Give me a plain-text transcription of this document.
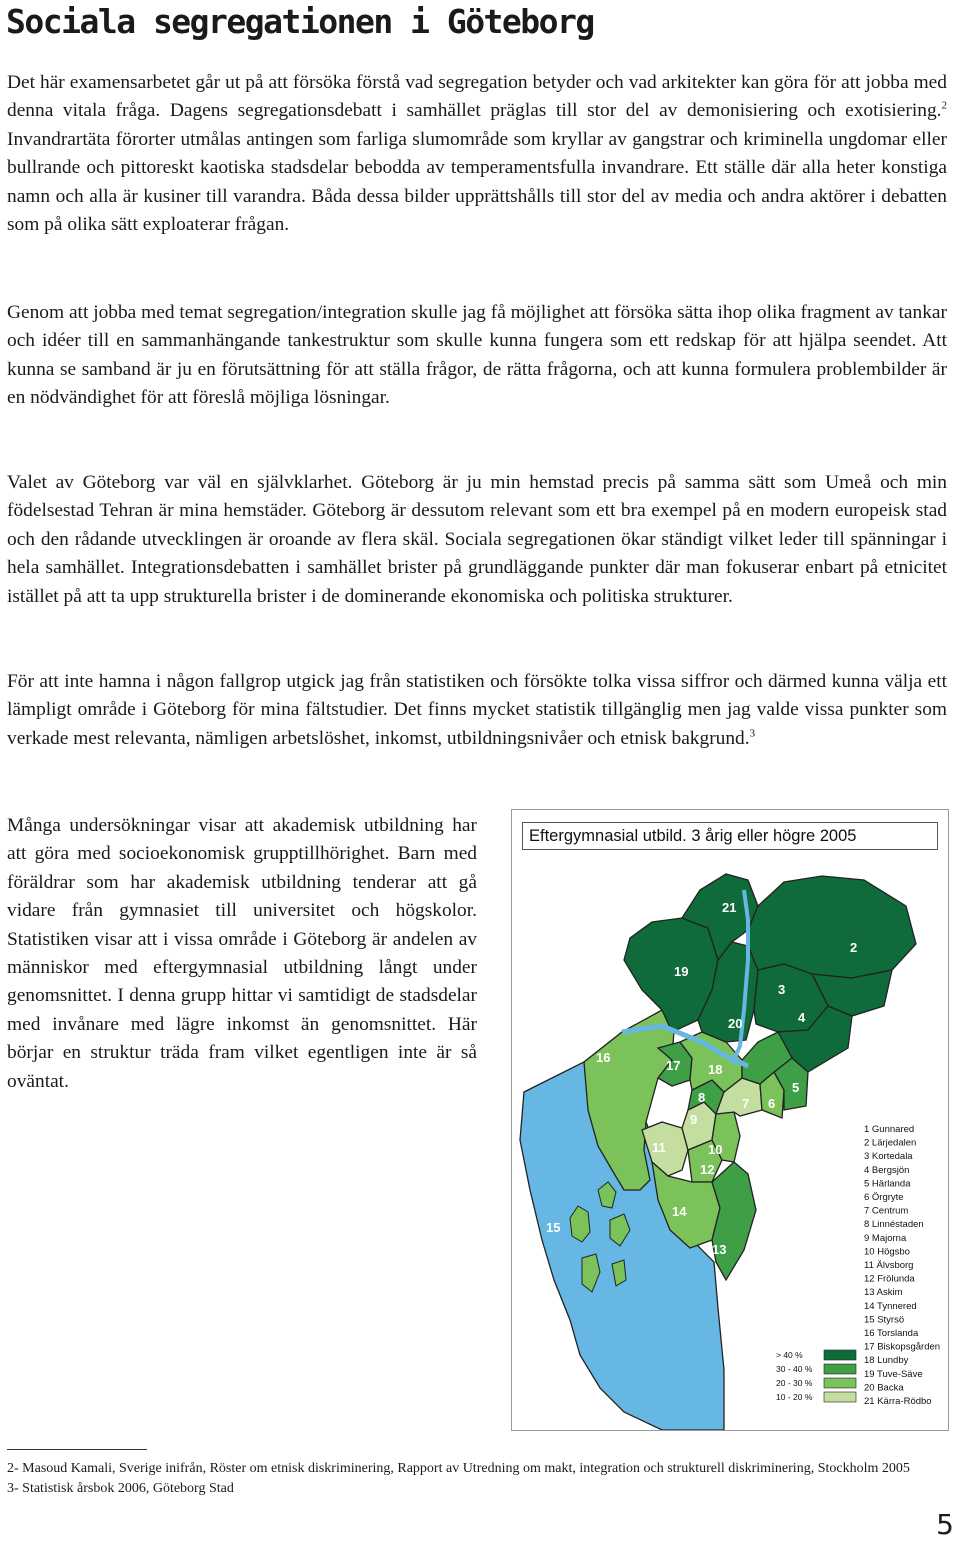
Sociala segregationen i Göteborg

Det här examensarbetet går ut på att försöka förstå vad segregation betyder och vad arkitekter kan göra för att jobba med denna vitala fråga. Dagens segregationsdebatt i samhället präglas till stor del av demonisiering och exotisiering.$^2$ Invandrartäta förorter utmålas antingen som farliga slumområde som kryllar av gangstrar och kriminella ungdomar eller bullrande och pittoreskt kaotiska stadsdelar bebodda av temperamentsfulla invandrare. Ett ställe där alla heter konstiga namn och alla är kusiner till varandra. Båda dessa bilder upprättshålls till stor del av media och andra aktörer i debatten som på olika sätt exploaterar frågan.

Genom att jobba med temat segregation/integration skulle jag få möjlighet att försöka sätta ihop olika fragment av tankar och idéer till en sammanhängande tankestruktur som skulle kunna fungera som ett redskap för att hjälpa seendet. Att kunna se samband är ju en förutsättning för att ställa frågor, de rätta frågorna, och att kunna formulera problembilder är en nödvändighet för att föreslå möjliga lösningar.

Valet av Göteborg var väl en självklarhet. Göteborg är ju min hemstad precis på samma sätt som Umeå och min födelsestad Tehran är mina hemstäder. Göteborg är dessutom relevant som ett bra exempel på en modern europeisk stad och den rådande utvecklingen är oroande av flera skäl. Sociala segregationen ökar ständigt vilket leder till spänningar i hela samhället. Integrationsdebatten i samhället brister på grundläggande punkter där man fokuserar enbart på etnicitet istället på att ta upp strukturella brister i de dominerande ekonomiska och politiska strukturer.

För att inte hamna i någon fallgrop utgick jag från statistiken och försökte tolka vissa siffror och därmed kunna välja ett lämpligt område i Göteborg för mina fältstudier. Det finns mycket statistik tillgänglig men jag valde vissa punkter som verkade mest relevanta, nämligen arbetslöshet, inkomst, utbildningsnivåer och etnisk bakgrund.$^3$

Många undersökningar visar att akademisk utbildning har att göra med socioekonomisk grupptillhörighet. Barn med föräldrar som har akademisk utbildning tenderar att gå vidare från gymnasiet till universitet och högskolor. Statistiken visar att i vissa område i Göteborg är andelen av människor med eftergymnasial utbildning långt under genomsnittet. I denna grupp hittar vi samtidigt de stadsdelar med invånare med lägre inkomst än genomsnittet. Här börjar en struktur träda fram vilket egentligen inte är så oväntat.

Eftergymnasial utbild. 3 årig eller högre 2005
21
2
19
3
20	4
17
5
6
13
16
18
7
8
9
10
11
12
14
15
1 Gunnared
2 Lärjedalen
3 Kortedala
4 Bergsjön
5 Härlanda
6 Örgryte
7 Centrum
8 Linnéstaden
9 Majorna
10 Högsbo
11 Älvsborg
12 Frölunda
13 Askim
14 Tynnered
15 Styrsö
16 Torslanda
17 Biskopsgården
18 Lundby
19 Tuve-Säve
20 Backa
21 Kärra-Rödbo
> 40 %
30 - 40 %
20 - 30 %
10 - 20 %

2- Masoud Kamali, Sverige inifrån, Röster om etnisk diskriminering, Rapport av Utredning om makt, integration och strukturell diskriminering, Stockholm 2005

3- Statistisk årsbok 2006, Göteborg Stad

5
